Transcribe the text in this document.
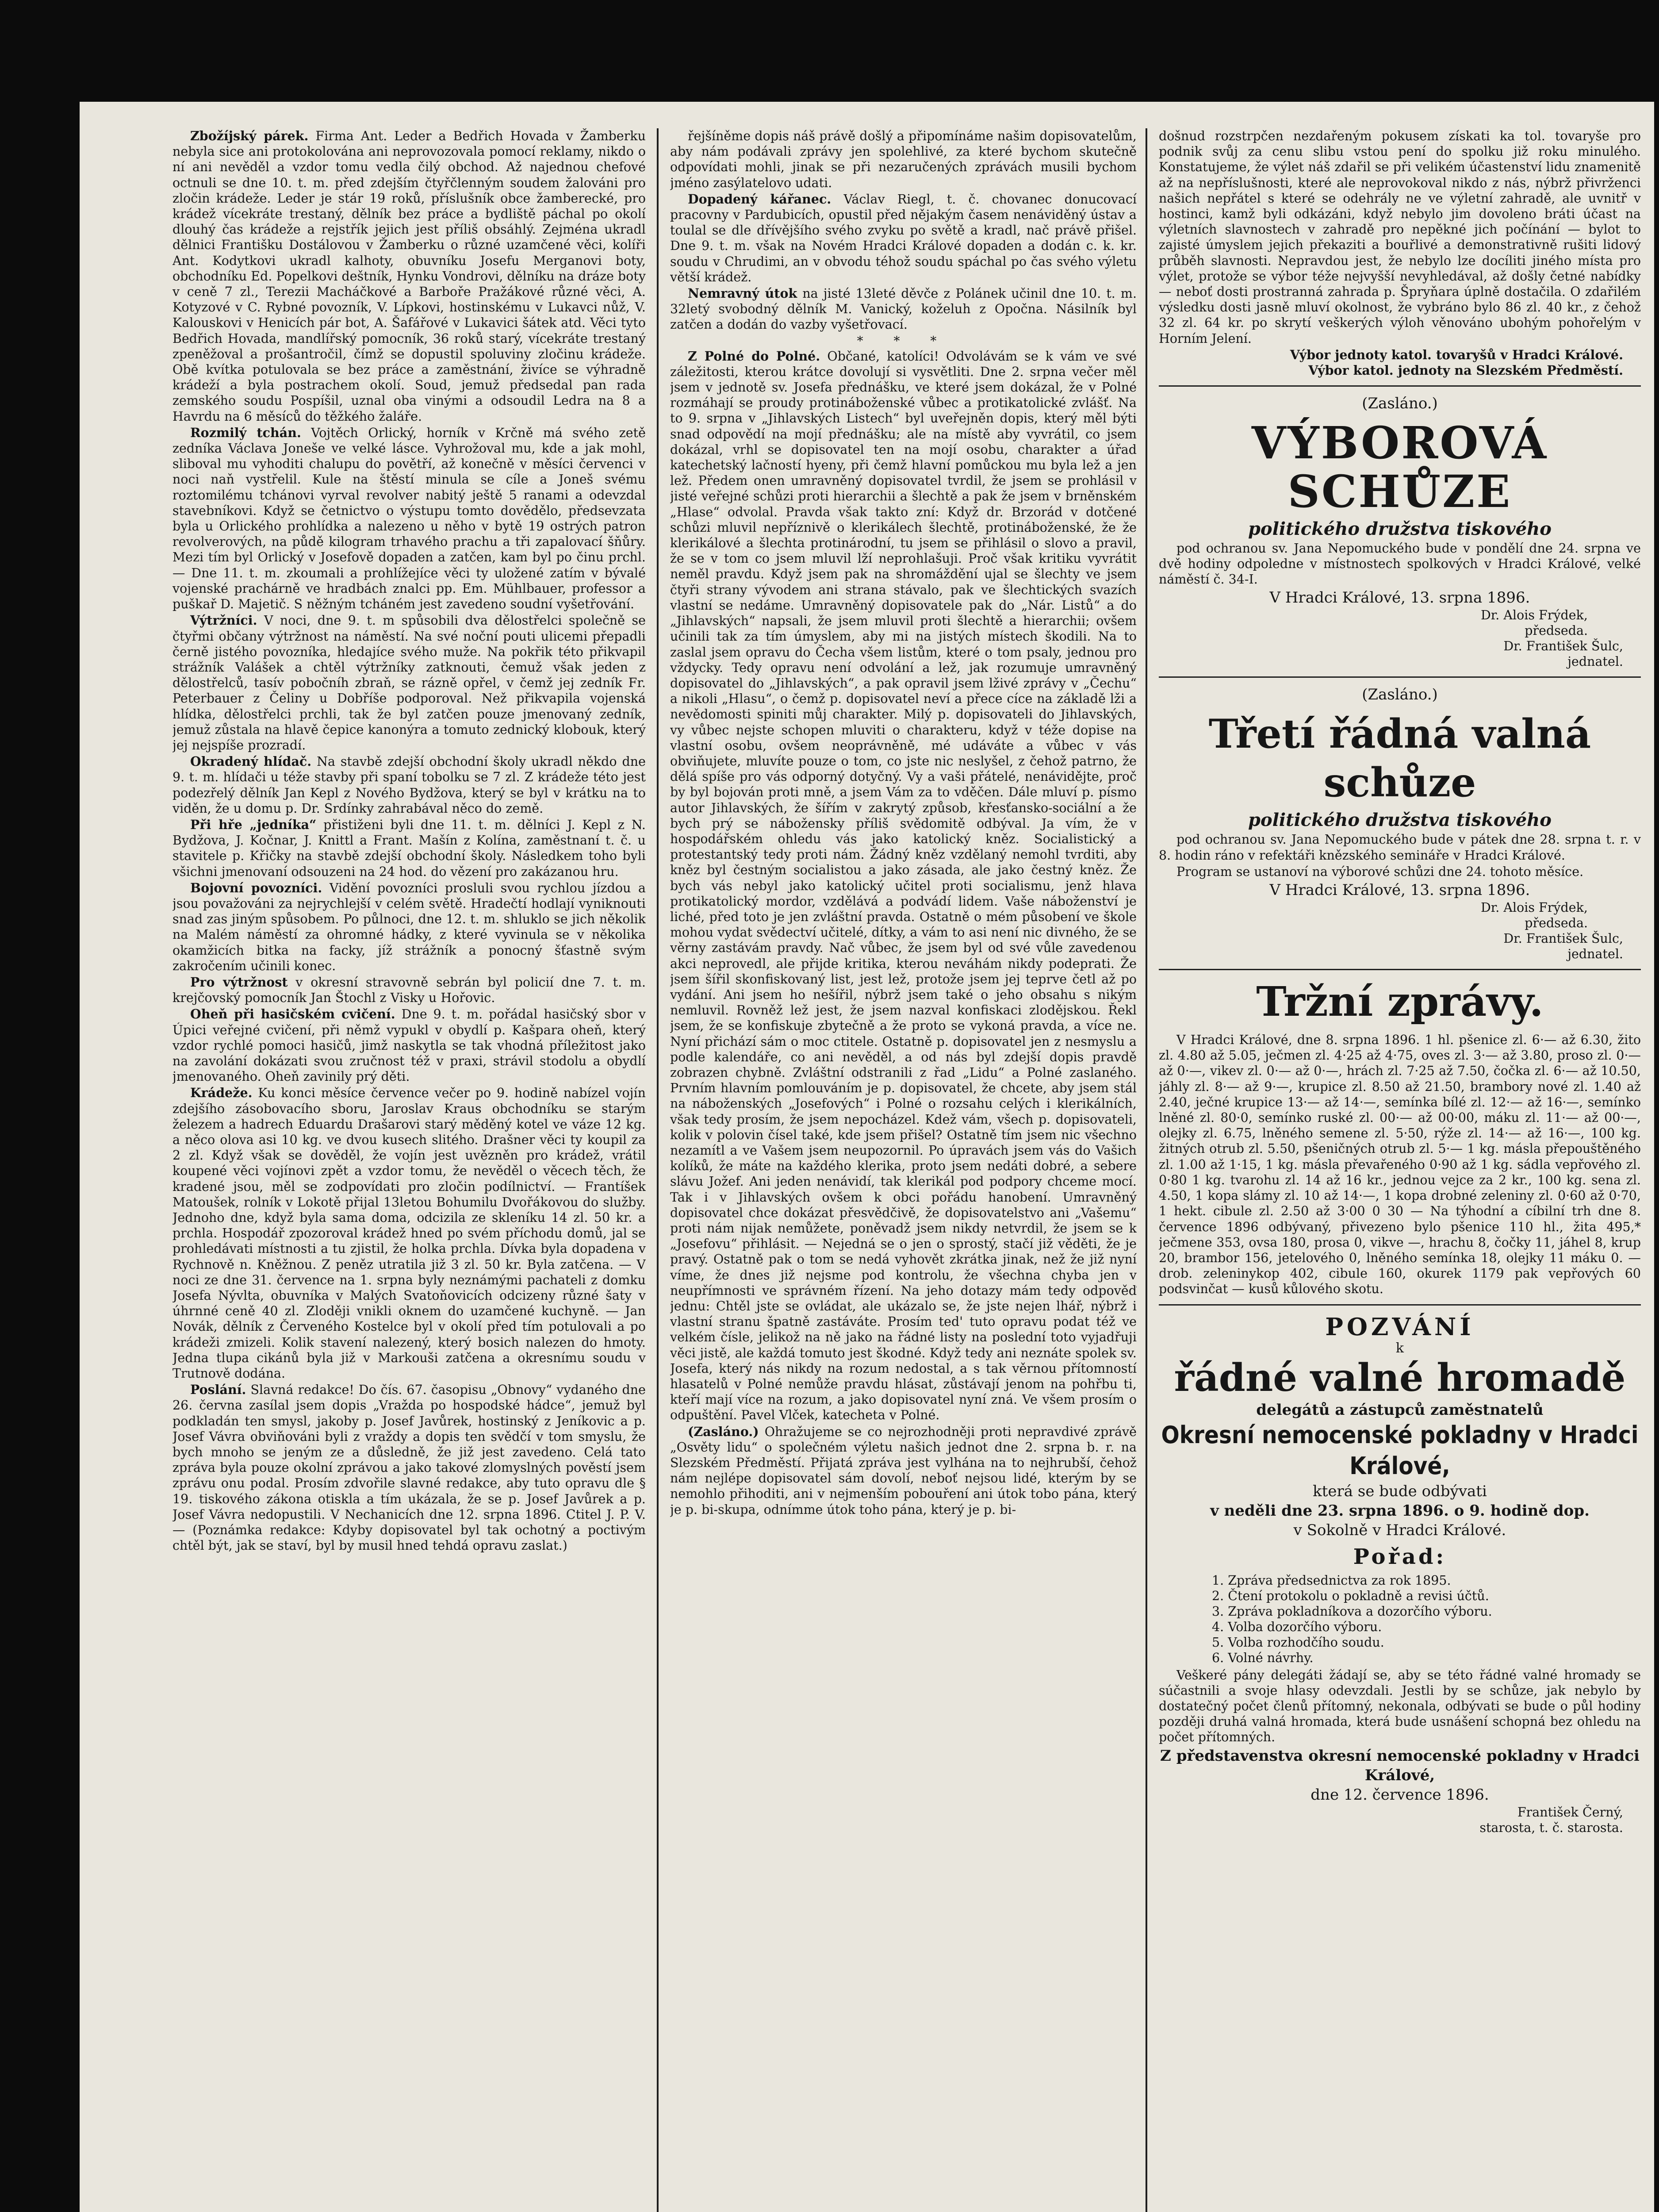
Zbožíjský párek. Firma Ant. Leder a Bedřich Hovada v Žamberku nebyla sice ani protokolována ani neprovozovala pomocí reklamy, nikdo o ní ani nevěděl a vzdor tomu vedla čilý obchod. Až najednou chefové octnuli se dne 10. t. m. před zdejším čtyřčlenným soudem žalováni pro zločin krádeže. Leder je stár 19 roků, příslušník obce žamberecké, pro krádež vícekráte trestaný, dělník bez práce a bydliště páchal po okolí dlouhý čas krádeže a rejstřík jejich jest příliš obsáhlý. Zejména ukradl dělnici Františku Dostálovou v Žamberku o různé uzamčené věci, kolíři Ant. Kodytkovi ukradl kalhoty, obuvníku Josefu Merganovi boty, obchodníku Ed. Popelkovi deštník, Hynku Vondrovi, dělníku na dráze boty v ceně 7 zl., Terezii Macháčkové a Barboře Pražákové různé věci, A. Kotyzové v C. Rybné povozník, V. Lípkovi, hostinskému v Lukavci nůž, V. Kalouskovi v Henicích pár bot, A. Šafářové v Lukavici šátek atd. Věci tyto Bedřich Hovada, mandlířský pomocník, 36 roků starý, vícekráte trestaný zpeněžoval a prošantročil, čímž se dopustil spoluviny zločinu krádeže. Obě kvítka potulovala se bez práce a zaměstnání, živíce se výhradně krádeží a byla postrachem okolí. Soud, jemuž předsedal pan rada zemského soudu Pospíšil, uznal oba vinými a odsoudil Ledra na 8 a Havrdu na 6 měsíců do těžkého žaláře.

Rozmilý tchán. Vojtěch Orlický, horník v Krčně má svého zetě zedníka Václava Joneše ve velké lásce. Vyhrožoval mu, kde a jak mohl, sliboval mu vyhoditi chalupu do povětří, až konečně v měsíci červenci v noci naň vystřelil. Kule na štěstí minula se cíle a Joneš svému roztomilému tchánovi vyrval revolver nabitý ještě 5 ranami a odevzdal stavebníkovi. Když se četnictvo o výstupu tomto dovědělo, předsevzata byla u Orlického prohlídka a nalezeno u něho v bytě 19 ostrých patron revolverových, na půdě kilogram trhavého prachu a tři zapalovací šňůry. Mezi tím byl Orlický v Josefově dopaden a zatčen, kam byl po činu prchl. — Dne 11. t. m. zkoumali a prohlížejíce věci ty uložené zatím v bývalé vojenské prachárně ve hradbách znalci pp. Em. Mühlbauer, professor a puškař D. Majetič. S něžným tcháném jest zavedeno soudní vyšetřování.

Výtržníci. V noci, dne 9. t. m spůsobili dva dělostřelci společně se čtyřmi občany výtržnost na náměstí. Na své noční pouti ulicemi přepadli černě jistého povozníka, hledajíce svého muže. Na pokřik této přikvapil strážník Valášek a chtěl výtržníky zatknouti, čemuž však jeden z dělostřelců, tasív pobočníh zbraň, se rázně opřel, v čemž jej zedník Fr. Peterbauer z Čeliny u Dobříše podporoval. Než přikvapila vojenská hlídka, dělostřelci prchli, tak že byl zatčen pouze jmenovaný zedník, jemuž zůstala na hlavě čepice kanonýra a tomuto zednický klobouk, který jej nejspíše prozradí.

Okradený hlídač. Na stavbě zdejší obchodní školy ukradl někdo dne 9. t. m. hlídači u téže stavby při spaní tobolku se 7 zl. Z krádeže této jest podezřelý dělník Jan Kepl z Nového Bydžova, který se byl v krátku na to viděn, že u domu p. Dr. Srdínky zahrabával něco do země.

Při hře „jedníka“ přistiženi byli dne 11. t. m. dělníci J. Kepl z N. Bydžova, J. Kočnar, J. Knittl a Frant. Mašín z Kolína, zaměstnaní t. č. u stavitele p. Křičky na stavbě zdejší obchodní školy. Následkem toho byli všichni jmenovaní odsouzeni na 24 hod. do vězení pro zakázanou hru.

Bojovní povozníci. Vidění povozníci prosluli svou rychlou jízdou a jsou považováni za nejrychlejší v celém světě. Hradečtí hodlají vyniknouti snad zas jiným spůsobem. Po půlnoci, dne 12. t. m. shluklo se jich několik na Malém náměstí za ohromné hádky, z které vyvinula se v několika okamžicích bitka na facky, jíž strážník a ponocný šťastně svým zakročením učinili konec.

Pro výtržnost v okresní stravovně sebrán byl policií dne 7. t. m. krejčovský pomocník Jan Štochl z Visky u Hořovic.

Oheň při hasičském cvičení. Dne 9. t. m. pořádal hasičský sbor v Úpici veřejné cvičení, při němž vypukl v obydlí p. Kašpara oheň, který vzdor rychlé pomoci hasičů, jimž naskytla se tak vhodná příležitost jako na zavolání dokázati svou zručnost též v praxi, strávil stodolu a obydlí jmenovaného. Oheň zavinily prý děti.

Krádeže. Ku konci měsíce července večer po 9. hodině nabízel vojín zdejšího zásobovacího sboru, Jaroslav Kraus obchodníku se starým železem a hadrech Eduardu Drašarovi starý měděný kotel ve váze 12 kg. a něco olova asi 10 kg. ve dvou kusech slitého. Drašner věci ty koupil za 2 zl. Když však se dověděl, že vojín jest uvězněn pro krádež, vrátil koupené věci vojínovi zpět a vzdor tomu, že nevěděl o věcech těch, že kradené jsou, měl se zodpovídati pro zločin podílnictví. — Frantíšek Matoušek, rolník v Lokotě přijal 13letou Bohumilu Dvořákovou do služby. Jednoho dne, když byla sama doma, odcizila ze skleníku 14 zl. 50 kr. a prchla. Hospodář zpozoroval krádež hned po svém příchodu domů, jal se prohledávati místnosti a tu zjistil, že holka prchla. Dívka byla dopadena v Rychnově n. Kněžnou. Z peněz utratila již 3 zl. 50 kr. Byla zatčena. — V noci ze dne 31. července na 1. srpna byly neznámými pachateli z domku Josefa Nývlta, obuvníka v Malých Svatoňovicích odcizeny různé šaty v úhrnné ceně 40 zl. Zloději vnikli oknem do uzamčené kuchyně. — Jan Novák, dělník z Červeného Kostelce byl v okolí před tím potulovali a po krádeži zmizeli. Kolik stavení nalezený, který bosich nalezen do hmoty. Jedna tlupa cikánů byla již v Markouši zatčena a okresnímu soudu v Trutnově dodána.

Poslání. Slavná redakce! Do čís. 67. časopisu „Obnovy“ vydaného dne 26. června zasílal jsem dopis „Vražda po hospodské hádce“, jemuž byl podkladán ten smysl, jakoby p. Josef Javůrek, hostinský z Jeníkovic a p. Josef Vávra obviňováni byli z vraždy a dopis ten svědčí v tom smyslu, že bych mnoho se jeným ze a důsledně, že již jest zavedeno. Celá tato zpráva byla pouze okolní zprávou a jako takové zlomyslných pověstí jsem zprávu onu podal. Prosím zdvořile slavné redakce, aby tuto opravu dle § 19. tiskového zákona otiskla a tím ukázala, že se p. Josef Javůrek a p. Josef Vávra nedopustili. V Nechanicích dne 12. srpna 1896. Ctitel J. P. V. — (Poznámka redakce: Kdyby dopisovatel byl tak ochotný a poctivým chtěl být, jak se staví, byl by musil hned tehdá opravu zaslat.)

řejšíněme dopis náš právě došlý a připomínáme našim dopisovatelům, aby nám podávali zprávy jen spolehlivé, za které bychom skutečně odpovídati mohli, jinak se při nezaručených zprávách musili bychom jméno zasýlatelovo udati.

Dopadený kářanec. Václav Riegl, t. č. chovanec donucovací pracovny v Pardubicích, opustil před nějakým časem nenáviděný ústav a toulal se dle dřívějšího svého zvyku po světě a kradl, nač právě přišel. Dne 9. t. m. však na Novém Hradci Králové dopaden a dodán c. k. kr. soudu v Chrudimi, an v obvodu téhož soudu spáchal po čas svého výletu větší krádež.

Nemravný útok na jisté 13leté děvče z Polánek učinil dne 10. t. m. 32letý svobodný dělník M. Vanický, koželuh z Opočna. Násilník byl zatčen a dodán do vazby vyšetřovací.

* * *

Z Polné do Polné. Občané, katolíci! Odvolávám se k vám ve své záležitosti, kterou krátce dovolují si vysvětliti. Dne 2. srpna večer měl jsem v jednotě sv. Josefa přednášku, ve které jsem dokázal, že v Polné rozmáhají se proudy protináboženské vůbec a protikatolické zvlášť. Na to 9. srpna v „Jihlavských Listech“ byl uveřejněn dopis, který měl býti snad odpovědí na mojí přednášku; ale na místě aby vyvrátil, co jsem dokázal, vrhl se dopisovatel ten na mojí osobu, charakter a úřad katechetský lačností hyeny, při čemž hlavní pomůckou mu byla lež a jen lež. Předem onen umravněný dopisovatel tvrdil, že jsem se prohlásil v jisté veřejné schůzi proti hierarchii a šlechtě a pak že jsem v brněnském „Hlase“ odvolal. Pravda však takto zní: Když dr. Brzorád v dotčené schůzi mluvil nepříznivě o klerikálech šlechtě, protináboženské, že že klerikálové a šlechta protinárodní, tu jsem se přihlásil o slovo a pravil, že se v tom co jsem mluvil lží neprohlašuji. Proč však kritiku vyvrátit neměl pravdu. Když jsem pak na shromáždění ujal se šlechty ve jsem čtyři strany vývodem ani strana stávalo, pak ve šlechtických svazích vlastní se nedáme. Umravněný dopisovatele pak do „Nár. Listů“ a do „Jihlavských“ napsali, že jsem mluvil proti šlechtě a hierarchii; ovšem učinili tak za tím úmyslem, aby mi na jistých místech škodili. Na to zaslal jsem opravu do Čecha všem listům, které o tom psaly, jednou pro vždycky. Tedy opravu není odvolání a lež, jak rozumuje umravněný dopisovatel do „Jihlavských“, a pak opravil jsem lživé zprávy v „Čechu“ a nikoli „Hlasu“, o čemž p. dopisovatel neví a přece cíce na základě lži a nevědomosti spiniti můj charakter. Milý p. dopisovateli do Jihlavských, vy vůbec nejste schopen mluviti o charakteru, když v téže dopise na vlastní osobu, ovšem neoprávněně, mé udáváte a vůbec v vás obviňujete, mluvíte pouze o tom, co jste nic neslyšel, z čehož patrno, že dělá spíše pro vás odporný dotyčný. Vy a vaši přátelé, nenávidějte, proč by byl bojován proti mně, a jsem Vám za to vděčen. Dále mluví p. písmo autor Jihlavských, že šířím v zakrytý způsob, křesťansko-sociální a že bych prý se nábožensky příliš svědomitě odbýval. Ja vím, že v hospodářském ohledu vás jako katolický kněz. Socialistický a protestantský tedy proti nám. Žádný kněz vzdělaný nemohl tvrditi, aby kněz byl čestným socialistou a jako zásada, ale jako čestný kněz. Že bych vás nebyl jako katolický učitel proti socialismu, jenž hlava protikatolický mordor, vzdělává a podvádí lidem. Vaše náboženství je liché, před toto je jen zvláštní pravda. Ostatně o mém působení ve škole mohou vydat svědectví učitelé, dítky, a vám to asi není nic divného, že se věrny zastávám pravdy. Nač vůbec, že jsem byl od své vůle zavedenou akci neprovedl, ale přijde kritika, kterou neváhám nikdy podeprati. Že jsem šířil skonfiskovaný list, jest lež, protože jsem jej teprve četl až po vydání. Ani jsem ho nešířil, nýbrž jsem také o jeho obsahu s nikým nemluvil. Rovněž lež jest, že jsem nazval konfiskaci zlodějskou. Řekl jsem, že se konfiskuje zbytečně a že proto se vykoná pravda, a více ne. Nyní přichází sám o moc ctitele. Ostatně p. dopisovatel jen z nesmyslu a podle kalendáře, co ani nevěděl, a od nás byl zdejší dopis pravdě zobrazen chybně. Zvláštní odstranili z řad „Lidu“ a Polné zaslaného. Prvním hlavním pomlouváním je p. dopisovatel, že chcete, aby jsem stál na náboženských „Josefových“ i Polné o rozsahu celých i klerikálních, však tedy prosím, že jsem nepocházel. Kdež vám, všech p. dopisovateli, kolik v polovin čísel také, kde jsem přišel? Ostatně tím jsem nic všechno nezamítl a ve Vašem jsem neupozornil. Po úpravách jsem vás do Vašich kolíků, že máte na každého klerika, proto jsem nedáti dobré, a sebere slávu Jožef. Ani jeden nenávidí, tak klerikál pod podpory chceme mocí. Tak i v Jihlavských ovšem k obci pořádu hanobení. Umravněný dopisovatel chce dokázat přesvědčivě, že dopisovatelstvo ani „Vašemu“ proti nám nijak nemůžete, poněvadž jsem nikdy netvrdil, že jsem se k „Josefovu“ přihlásit. — Nejedná se o jen o sprostý, stačí již věděti, že je pravý. Ostatně pak o tom se nedá vyhovět zkrátka jinak, než že již nyní víme, že dnes již nejsme pod kontrolu, že všechna chyba jen v neupřímnosti ve správném řízení. Na jeho dotazy mám tedy odpověď jednu: Chtěl jste se ovládat, ale ukázalo se, že jste nejen lhář, nýbrž i vlastní stranu špatně zastáváte. Prosím ted' tuto opravu podat též ve velkém čísle, jelikož na ně jako na řádné listy na poslední toto vyjadřuji věci jistě, ale každá tomuto jest škodné. Když tedy ani neznáte spolek sv. Josefa, který nás nikdy na rozum nedostal, a s tak věrnou přítomností hlasatelů v Polné nemůže pravdu hlásat, zůstávají jenom na pohřbu ti, kteří mají více na rozum, a jako dopisovatel nyní zná. Ve všem prosím o odpuštění. Pavel Vlček, katecheta v Polné.

(Zasláno.) Ohražujeme se co nejrozhodněji proti nepravdivé zprávě „Osvěty lidu“ o společném výletu našich jednot dne 2. srpna b. r. na Slezském Předměstí. Přijatá zpráva jest vylhána na to nejhrubší, čehož nám nejlépe dopisovatel sám dovolí, neboť nejsou lidé, kterým by se nemohlo přihoditi, ani v nejmenším pobouření ani útok tobo pána, který je p. bi-skupa, odnímme útok toho pána, který je p. bi-

došnud rozstrpčen nezdařeným pokusem získati ka tol. tovaryše pro podnik svůj za cenu slibu vstou pení do spolku již roku minulého. Konstatujeme, že výlet náš zdařil se při velikém účastenství lidu znamenitě až na nepříslušnosti, které ale neprovokoval nikdo z nás, nýbrž přivrženci našich nepřátel s které se odehrály ne ve výletní zahradě, ale uvnitř v hostinci, kamž byli odkázáni, když nebylo jim dovoleno bráti účast na výletních slavnostech v zahradě pro nepěkné jich počínání — bylot to zajisté úmyslem jejich překaziti a bouřlivé a demonstrativně rušiti lidový průběh slavnosti. Nepravdou jest, že nebylo lze docíliti jiného místa pro výlet, protože se výbor téže nejvyšší nevyhledával, až došly četné nabídky — neboť dosti prostranná zahrada p. Špryňara úplně dostačila. O zdařilém výsledku dosti jasně mluví okolnost, že vybráno bylo 86 zl. 40 kr., z čehož 32 zl. 64 kr. po skrytí veškerých výloh věnováno ubohým pohořelým v Horním Jelení.

Výbor jednoty katol. tovaryšů v Hradci Králové.
Výbor katol. jednoty na Slezském Předměstí.
(Zasláno.)
VÝBOROVÁ SCHŮZE
politického družstva tiskového

pod ochranou sv. Jana Nepomuckého bude v pondělí dne 24. srpna ve dvě hodiny odpoledne v místnostech spolkových v Hradci Králové, velké náměstí č. 34-I.

V Hradci Králové, 13. srpna 1896.
Dr. Alois Frýdek,
předseda.
Dr. František Šulc,
jednatel.
(Zasláno.)
Třetí řádná valná schůze
politického družstva tiskového

pod ochranou sv. Jana Nepomuckého bude v pátek dne 28. srpna t. r. v 8. hodin ráno v refektáři knězského semináře v Hradci Králové.

Program se ustanoví na výborové schůzi dne 24. tohoto měsíce.

V Hradci Králové, 13. srpna 1896.
Dr. Alois Frýdek,
předseda.
Dr. František Šulc,
jednatel.
Tržní zprávy.

V Hradci Králové, dne 8. srpna 1896. 1 hl. pšenice zl. 6·— až 6.30, žito zl. 4.80 až 5.05, ječmen zl. 4·25 až 4·75, oves zl. 3·— až 3.80, proso zl. 0·— až 0·—, vikev zl. 0·— až 0·—, hrách zl. 7·25 až 7.50, čočka zl. 6·— až 10.50, jáhly zl. 8·— až 9·—, krupice zl. 8.50 až 21.50, brambory nové zl. 1.40 až 2.40, ječné krupice 13·— až 14·—, semínka bílé zl. 12·— až 16·—, semínko lněné zl. 80·0, semínko ruské zl. 00·— až 00·00, máku zl. 11·— až 00·—, olejky zl. 6.75, lněného semene zl. 5·50, rýže zl. 14·— až 16·—, 100 kg. žitných otrub zl. 5.50, pšeničných otrub zl. 5·— 1 kg. másla přepouštěného zl. 1.00 až 1·15, 1 kg. másla převařeného 0·90 až 1 kg. sádla vepřového zl. 0·80 1 kg. tvarohu zl. 14 až 16 kr., jednou vejce za 2 kr., 100 kg. sena zl. 4.50, 1 kopa slámy zl. 10 až 14·—, 1 kopa drobné zeleniny zl. 0·60 až 0·70, 1 hekt. cibule zl. 2.50 až 3·00 0 30 — Na týhodní a cíbilní trh dne 8. července 1896 odbývaný, přivezeno bylo pšenice 110 hl., žita 495,* ječmene 353, ovsa 180, prosa 0, vikve —, hrachu 8, čočky 11, jáhel 8, krup 20, brambor 156, jetelového 0, lněného semínka 18, olejky 11 máku 0. — drob. zeleninykop 402, cibule 160, okurek 1179 pak vepřových 60 podsvinčat — kusů kůlového skotu.

POZVÁNÍ
k
řádné valné hromadě
delegátů a zástupců zaměstnatelů
Okresní nemocenské pokladny v Hradci Králové,
která se bude odbývati
v neděli dne 23. srpna 1896. o 9. hodině dop.
v Sokolně v Hradci Králové.
Pořad:
1. Zpráva předsednictva za rok 1895.
2. Čtení protokolu o pokladně a revisi účtů.
3. Zpráva pokladníkova a dozorčího výboru.
4. Volba dozorčího výboru.
5. Volba rozhodčího soudu.
6. Volné návrhy.

Veškeré pány delegáti žádají se, aby se této řádné valné hromady se súčastnili a svoje hlasy odevzdali. Jestli by se schůze, jak nebylo by dostatečný počet členů přítomný, nekonala, odbývati se bude o půl hodiny později druhá valná hromada, která bude usnášení schopná bez ohledu na počet přítomných.

Z představenstva okresní nemocenské pokladny v Hradci Králové,
dne 12. července 1896.
František Černý,
starosta, t. č. starosta.
